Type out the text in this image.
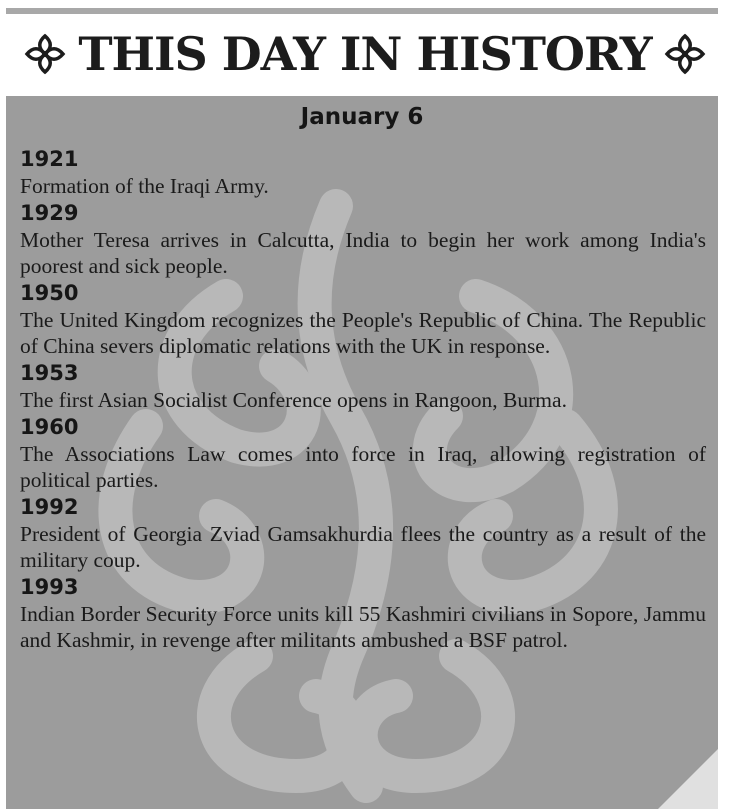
THIS DAY IN HISTORY
January 6
1921
Formation of the Iraqi Army.
1929
Mother Teresa arrives in Calcutta, India to begin her work among India's poorest and sick people.
1950
The United Kingdom recognizes the People's Republic of China. The Republic of China severs diplomatic relations with the UK in response.
1953
The first Asian Socialist Conference opens in Rangoon, Burma.
1960
The Associations Law comes into force in Iraq, allowing registration of political parties.
1992
President of Georgia Zviad Gamsakhurdia flees the country as a result of the military coup.
1993
Indian Border Security Force units kill 55 Kashmiri civilians in Sopore, Jammu and Kashmir, in revenge after militants ambushed a BSF patrol.
